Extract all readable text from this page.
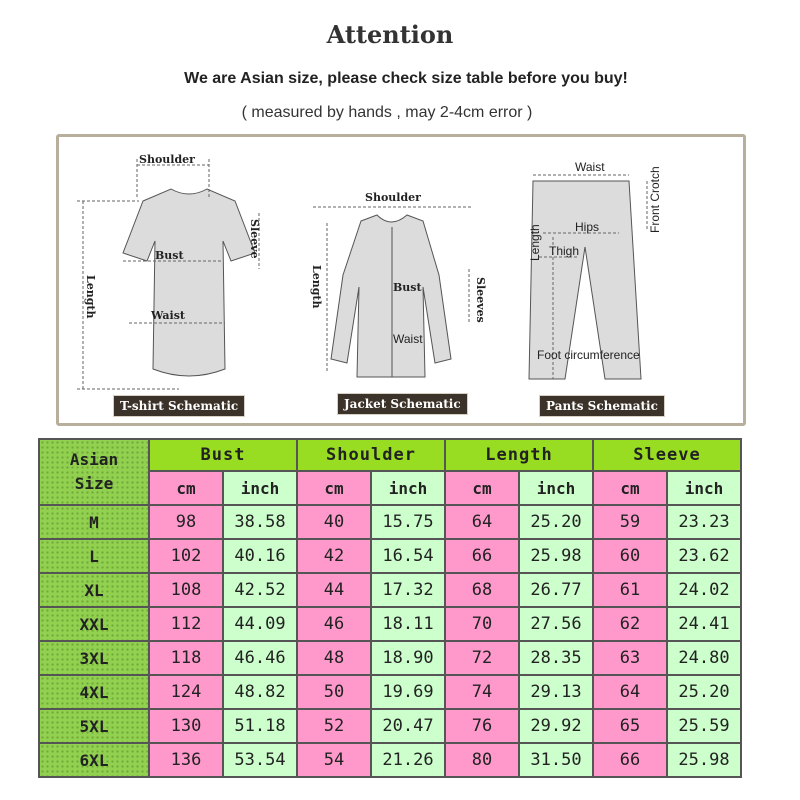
Attention
We are Asian size, please check size table before you buy!
( measured by hands , may 2-4cm error )
Shoulder
Bust
Waist
Sleeve
Length
Shoulder
Bust
Waist
Length	Sleeves
Waist
Hips
Thigh
Length
Front Crotch
Foot circumference
T-shirt Schematic	Jacket Schematic	Pants Schematic
Asian
Size	Bust		Shoulder		Length		Sleeve	
	cm	inch	cm	inch	cm	inch	cm	inch
M	98	38.58	40	15.75	64	25.20	59	23.23
L	102	40.16	42	16.54	66	25.98	60	23.62
XL	108	42.52	44	17.32	68	26.77	61	24.02
XXL	112	44.09	46	18.11	70	27.56	62	24.41
3XL	118	46.46	48	18.90	72	28.35	63	24.80
4XL	124	48.82	50	19.69	74	29.13	64	25.20
5XL	130	51.18	52	20.47	76	29.92	65	25.59
6XL	136	53.54	54	21.26	80	31.50	66	25.98
